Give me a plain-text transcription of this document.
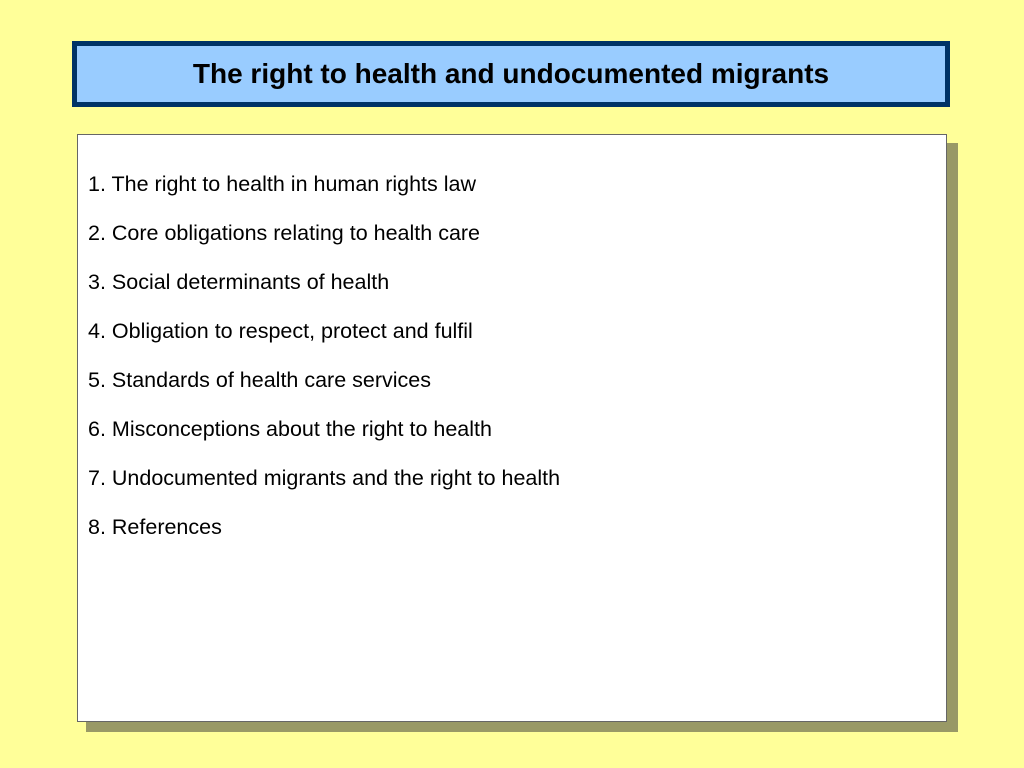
The right to health and undocumented migrants
1. The right to health in human rights law
2. Core obligations relating to health care
3. Social determinants of health
4. Obligation to respect, protect and fulfil
5. Standards of health care services
6. Misconceptions about the right to health
7. Undocumented migrants and the right to health
8. References
